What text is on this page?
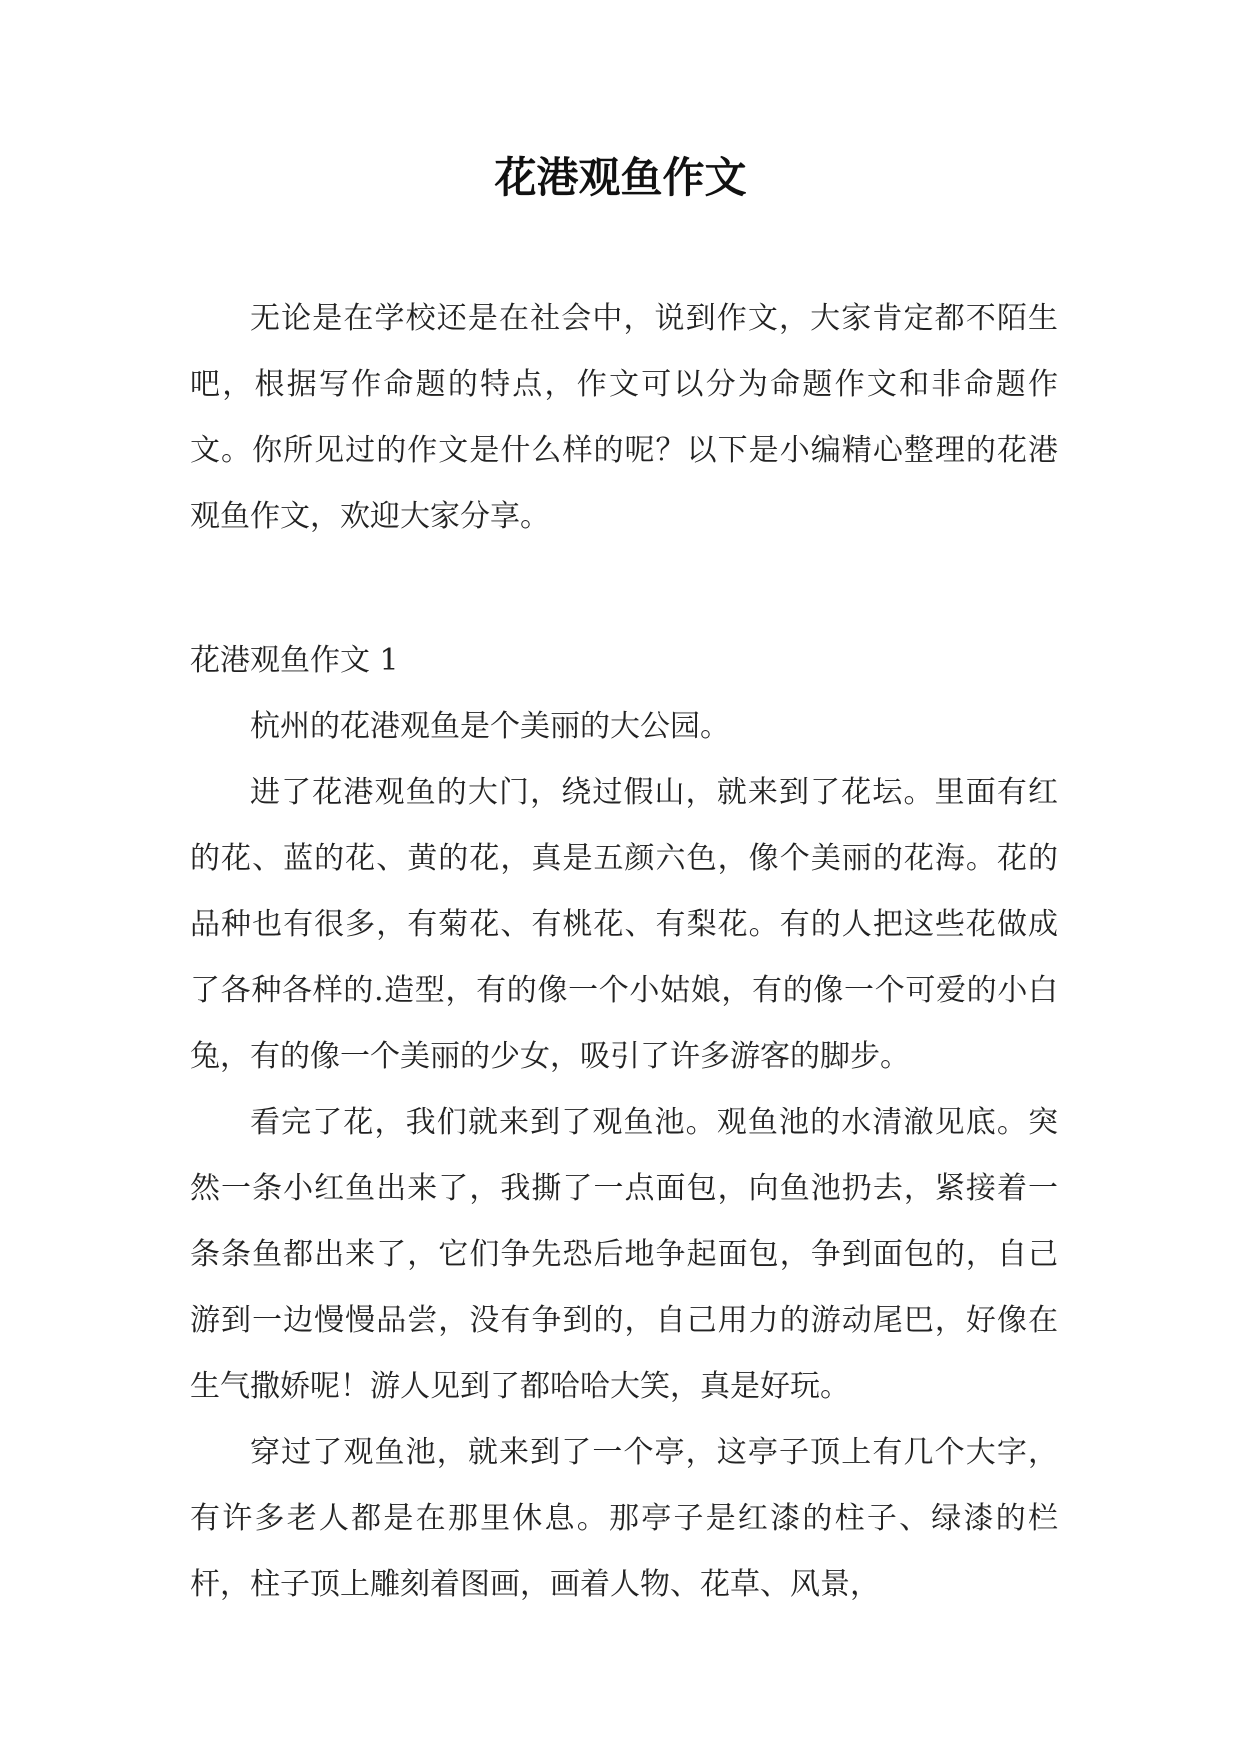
花港观鱼作文

无论是在学校还是在社会中，说到作文，大家肯定都不陌生吧，根据写作命题的特点，作文可以分为命题作文和非命题作文。你所见过的作文是什么样的呢？以下是小编精心整理的花港观鱼作文，欢迎大家分享。

花港观鱼作文 1

杭州的花港观鱼是个美丽的大公园。

进了花港观鱼的大门，绕过假山，就来到了花坛。里面有红的花、蓝的花、黄的花，真是五颜六色，像个美丽的花海。花的品种也有很多，有菊花、有桃花、有梨花。有的人把这些花做成了各种各样的.造型，有的像一个小姑娘，有的像一个可爱的小白兔，有的像一个美丽的少女，吸引了许多游客的脚步。

看完了花，我们就来到了观鱼池。观鱼池的水清澈见底。突然一条小红鱼出来了，我撕了一点面包，向鱼池扔去，紧接着一条条鱼都出来了，它们争先恐后地争起面包，争到面包的，自己游到一边慢慢品尝，没有争到的，自己用力的游动尾巴，好像在生气撒娇呢！游人见到了都哈哈大笑，真是好玩。

穿过了观鱼池，就来到了一个亭，这亭子顶上有几个大字，有许多老人都是在那里休息。那亭子是红漆的柱子、绿漆的栏杆，柱子顶上雕刻着图画，画着人物、花草、风景，
